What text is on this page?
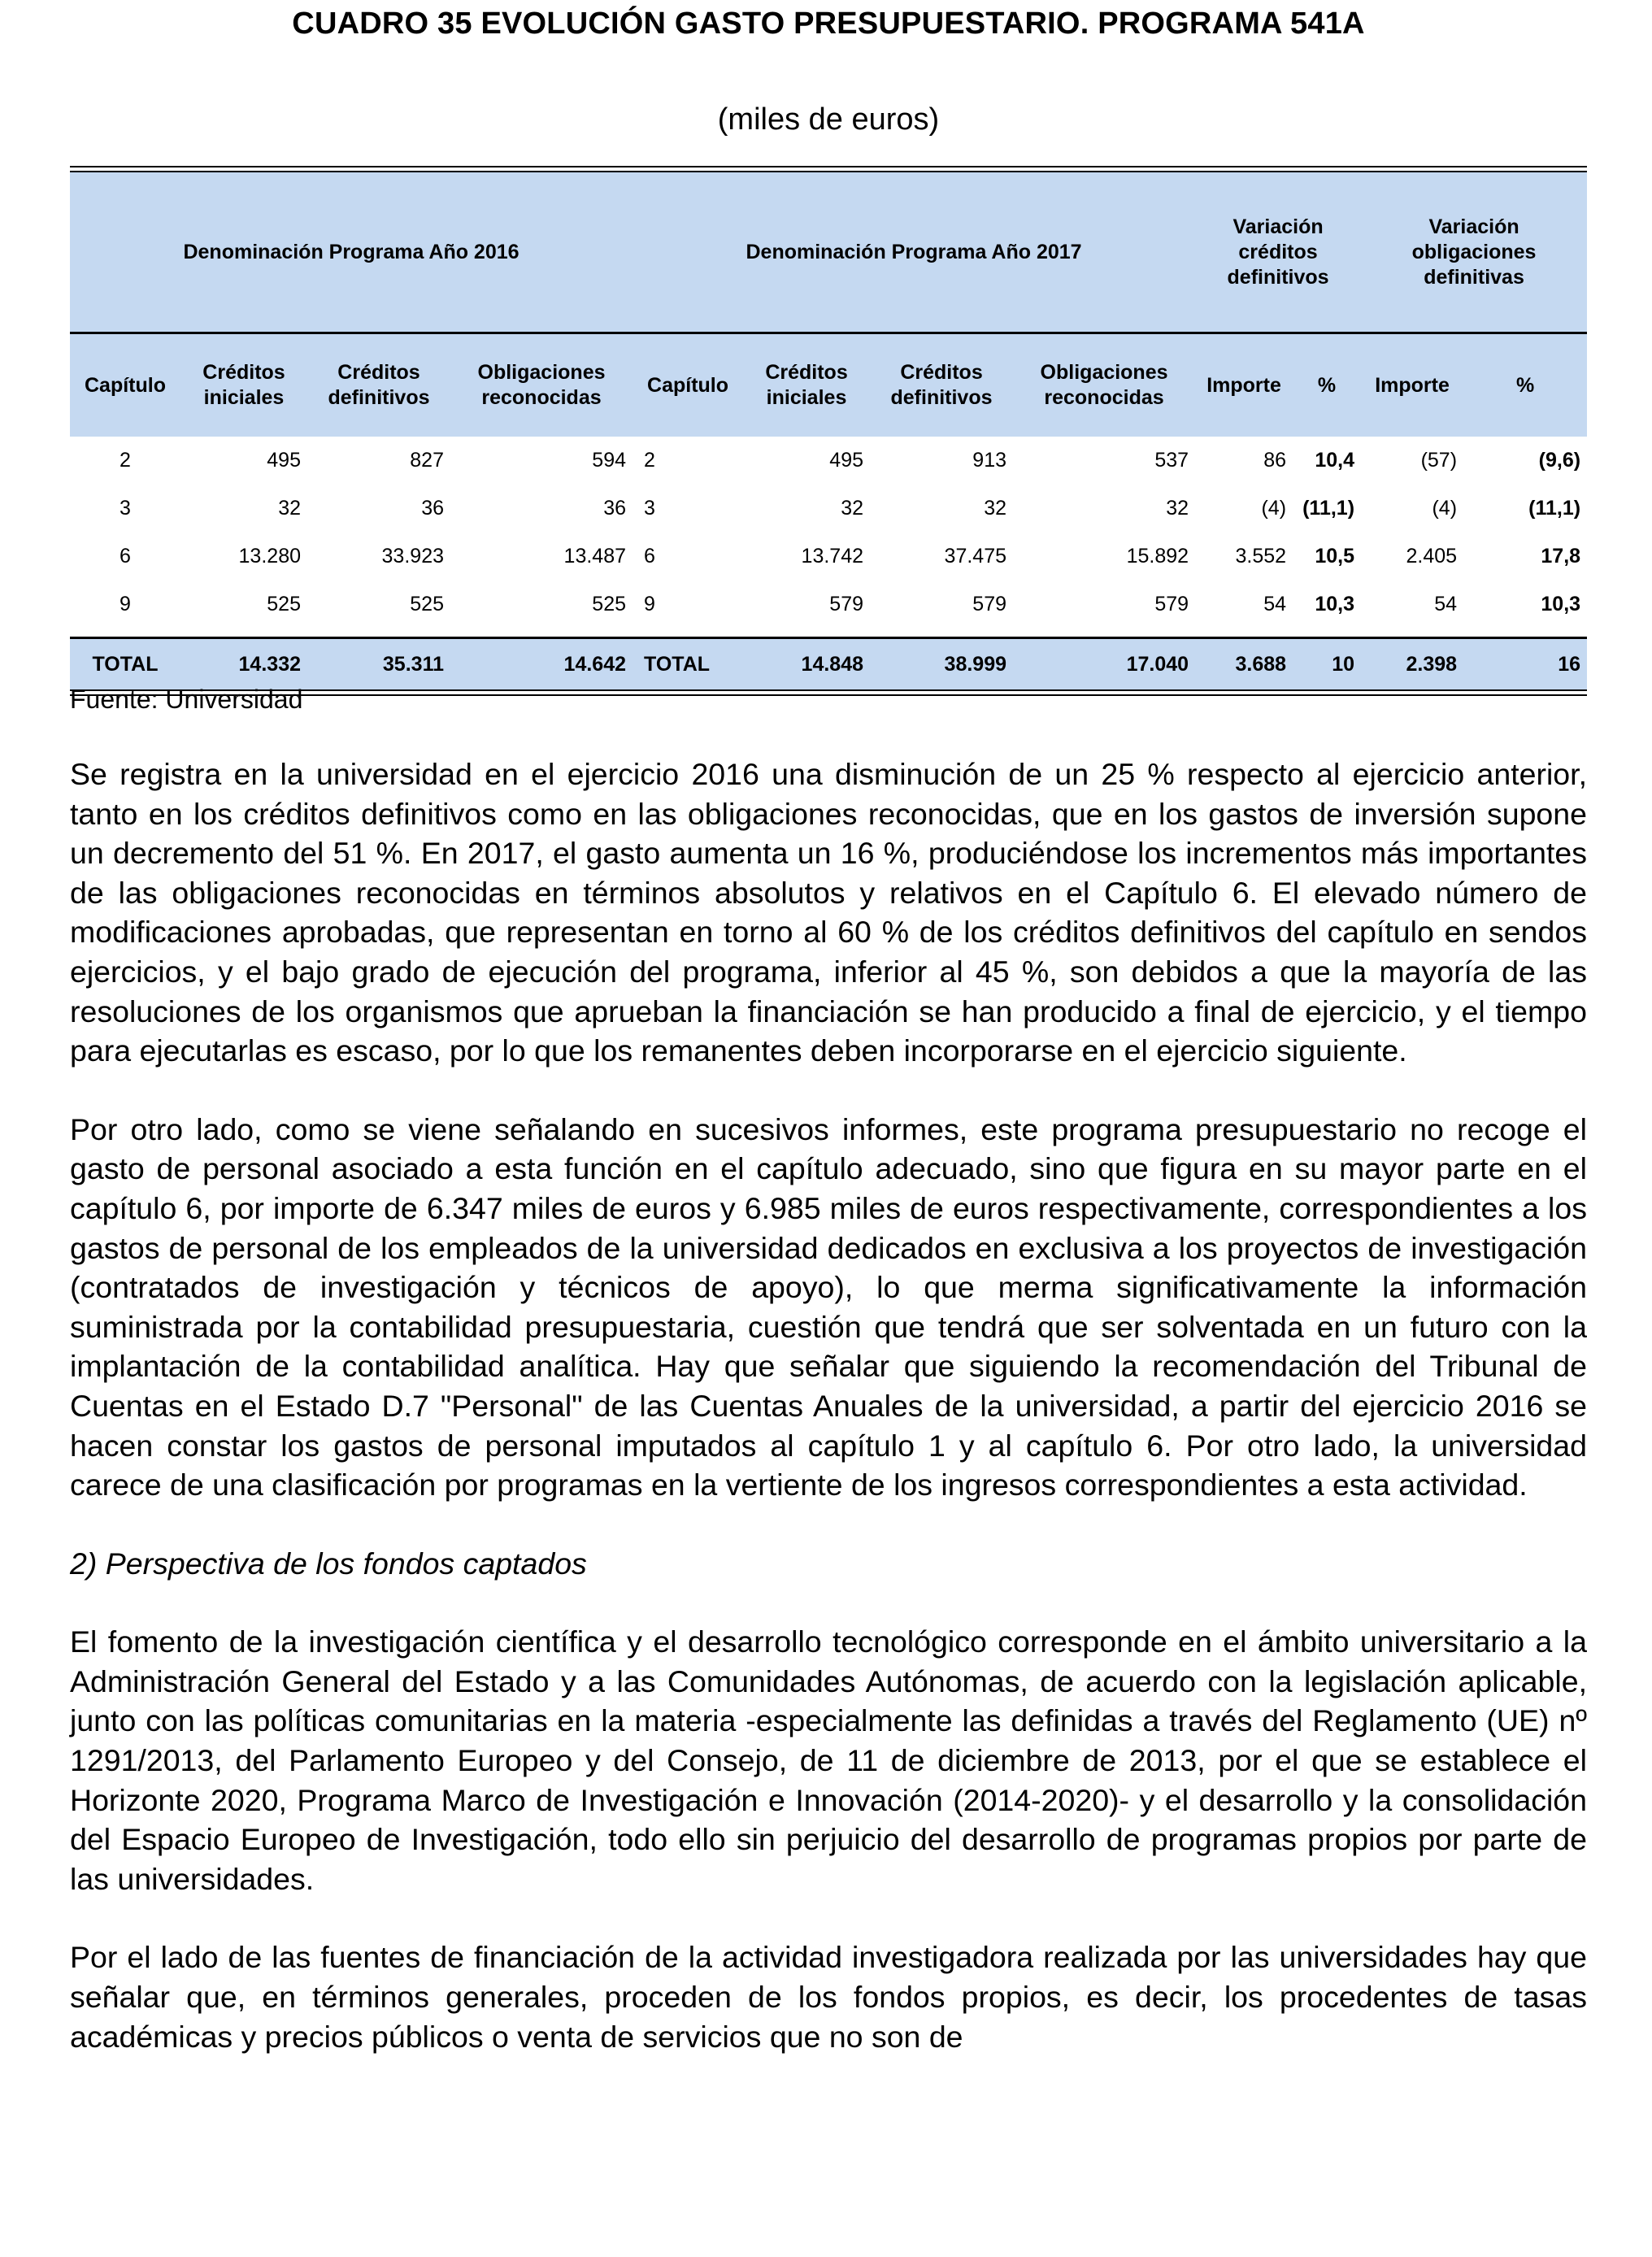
CUADRO 35 EVOLUCIÓN GASTO PRESUPUESTARIO. PROGRAMA 541A
(miles de euros)
Denominación Programa Año 2016				Denominación Programa Año 2017				Variación créditos definitivos		Variación obligaciones definitivas	
Capítulo	Créditos iniciales	Créditos definitivos	Obligaciones reconocidas	Capítulo	Créditos iniciales	Créditos definitivos	Obligaciones reconocidas	Importe	%	Importe	%
2	495	827	594	2	495	913	537	86	10,4	(57)	(9,6)
3	32	36	36	3	32	32	32	(4)	(11,1)	(4)	(11,1)
6	13.280	33.923	13.487	6	13.742	37.475	15.892	3.552	10,5	2.405	17,8
9	525	525	525	9	579	579	579	54	10,3	54	10,3

TOTAL	14.332	35.311	14.642	TOTAL	14.848	38.999	17.040	3.688	10	2.398	16
Fuente: Universidad

Se registra en la universidad en el ejercicio 2016 una disminución de un 25 % respecto al ejercicio anterior, tanto en los créditos definitivos como en las obligaciones reconocidas, que en los gastos de inversión supone un decremento del 51 %. En 2017, el gasto aumenta un 16 %, produciéndose los incrementos más importantes de las obligaciones reconocidas en términos absolutos y relativos en el Capítulo 6. El elevado número de modificaciones aprobadas, que representan en torno al 60 % de los créditos definitivos del capítulo en sendos ejercicios, y el bajo grado de ejecución del programa, inferior al 45 %, son debidos a que la mayoría de las resoluciones de los organismos que aprueban la financiación se han producido a final de ejercicio, y el tiempo para ejecutarlas es escaso, por lo que los remanentes deben incorporarse en el ejercicio siguiente.

Por otro lado, como se viene señalando en sucesivos informes, este programa presupuestario no recoge el gasto de personal asociado a esta función en el capítulo adecuado, sino que figura en su mayor parte en el capítulo 6, por importe de 6.347 miles de euros y 6.985 miles de euros respectivamente, correspondientes a los gastos de personal de los empleados de la universidad dedicados en exclusiva a los proyectos de investigación (contratados de investigación y técnicos de apoyo), lo que merma significativamente la información suministrada por la contabilidad presupuestaria, cuestión que tendrá que ser solventada en un futuro con la implantación de la contabilidad analítica. Hay que señalar que siguiendo la recomendación del Tribunal de Cuentas en el Estado D.7 "Personal" de las Cuentas Anuales de la universidad, a partir del ejercicio 2016 se hacen constar los gastos de personal imputados al capítulo 1 y al capítulo 6. Por otro lado, la universidad carece de una clasificación por programas en la vertiente de los ingresos correspondientes a esta actividad.

2) Perspectiva de los fondos captados

El fomento de la investigación científica y el desarrollo tecnológico corresponde en el ámbito universitario a la Administración General del Estado y a las Comunidades Autónomas, de acuerdo con la legislación aplicable, junto con las políticas comunitarias en la materia -especialmente las definidas a través del Reglamento (UE) nº 1291/2013, del Parlamento Europeo y del Consejo, de 11 de diciembre de 2013, por el que se establece el Horizonte 2020, Programa Marco de Investigación e Innovación (2014-2020)- y el desarrollo y la consolidación del Espacio Europeo de Investigación, todo ello sin perjuicio del desarrollo de programas propios por parte de las universidades.

Por el lado de las fuentes de financiación de la actividad investigadora realizada por las universidades hay que señalar que, en términos generales, proceden de los fondos propios, es decir, los procedentes de tasas académicas y precios públicos o venta de servicios que no son de
